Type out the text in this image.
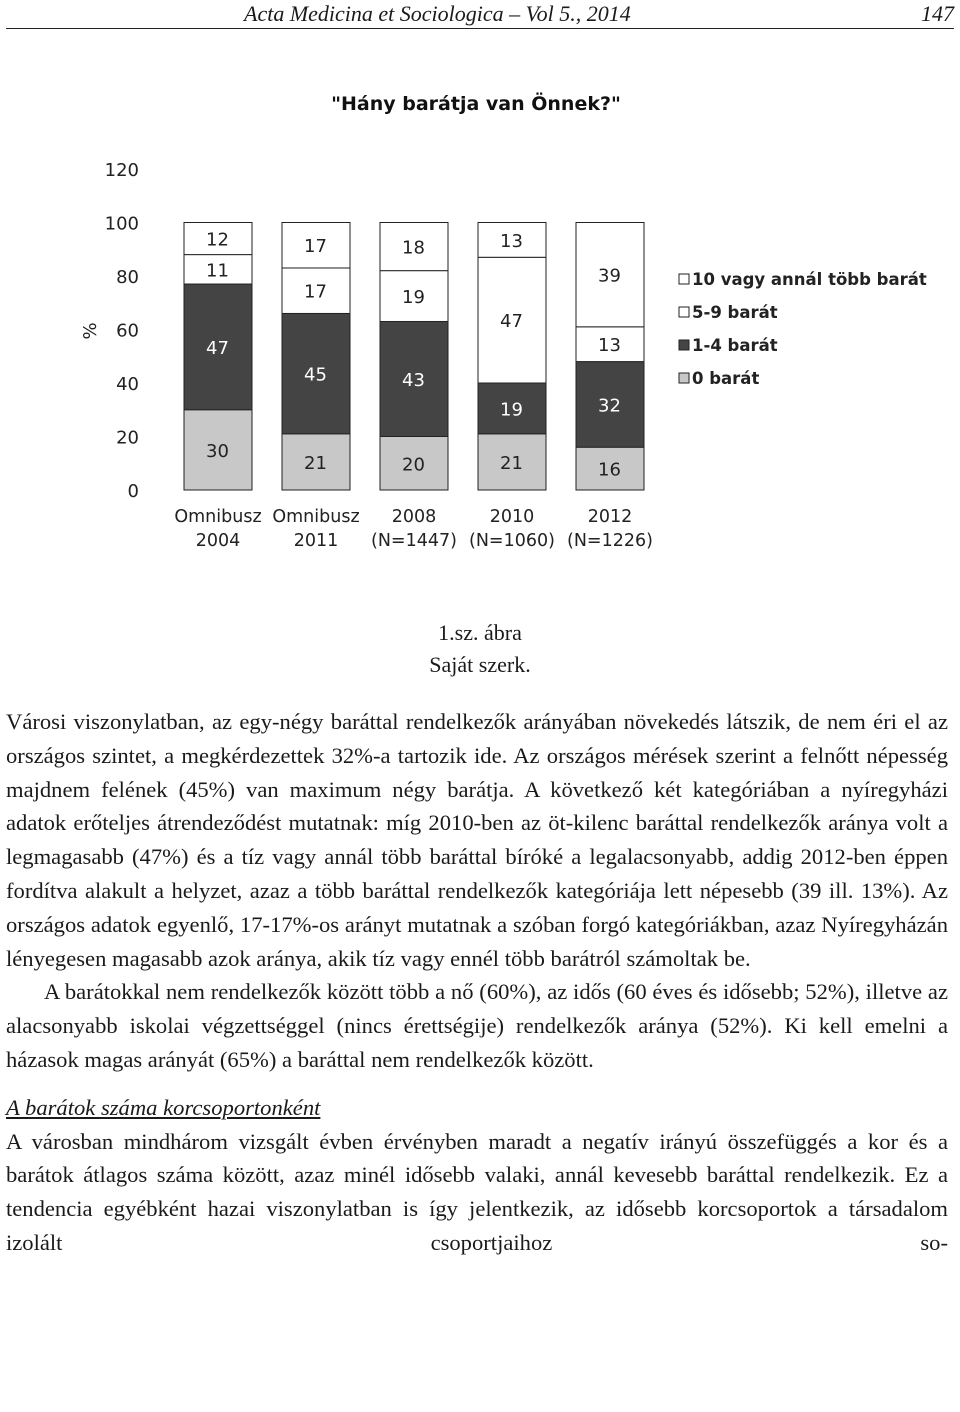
Acta Medicina et Sociologica – Vol 5., 2014	147
"Hány barátja van Önnek?"
0
20
40
60
80
100
120
%
30
47
11
12
Omnibusz
2004
21
45
17
17
Omnibusz
2011
20
43
19
18
2008
(N=1447)
21
19
47
13
2010
(N=1060)
16
32
13
39
2012
(N=1226)
10 vagy annál több barát
5-9 barát
1-4 barát
0 barát
1.sz. ábra
Saját szerk.

Városi viszonylatban, az egy-négy baráttal rendelkezők arányában növekedés látszik, de nem éri el az országos szintet, a megkérdezettek 32%-a tartozik ide. Az országos mérések szerint a felnőtt népesség majdnem felének (45%) van maximum négy barátja. A következő két kategóriában a nyíregyházi adatok erőteljes átrendeződést mutatnak: míg 2010-ben az öt-kilenc baráttal rendelkezők aránya volt a legmagasabb (47%) és a tíz vagy annál több baráttal bíróké a legalacsonyabb, addig 2012-ben éppen fordítva alakult a helyzet, azaz a több baráttal rendelkezők kategóriája lett népesebb (39 ill. 13%). Az országos adatok egyenlő, 17-17%-os arányt mutatnak a szóban forgó kategóriákban, azaz Nyíregyházán lényegesen magasabb azok aránya, akik tíz vagy ennél több barátról számoltak be.

A barátokkal nem rendelkezők között több a nő (60%), az idős (60 éves és idősebb; 52%), illetve az alacsonyabb iskolai végzettséggel (nincs érettségije) rendelkezők aránya (52%). Ki kell emelni a házasok magas arányát (65%) a baráttal nem rendelkezők között.

A barátok száma korcsoportonként

A városban mindhárom vizsgált évben érvényben maradt a negatív irányú összefüggés a kor és a barátok átlagos száma között, azaz minél idősebb valaki, annál kevesebb baráttal rendelkezik. Ez a tendencia egyébként hazai viszonylatban is így jelentkezik, az idősebb korcsoportok a társadalom izolált csoportjaihoz so-
